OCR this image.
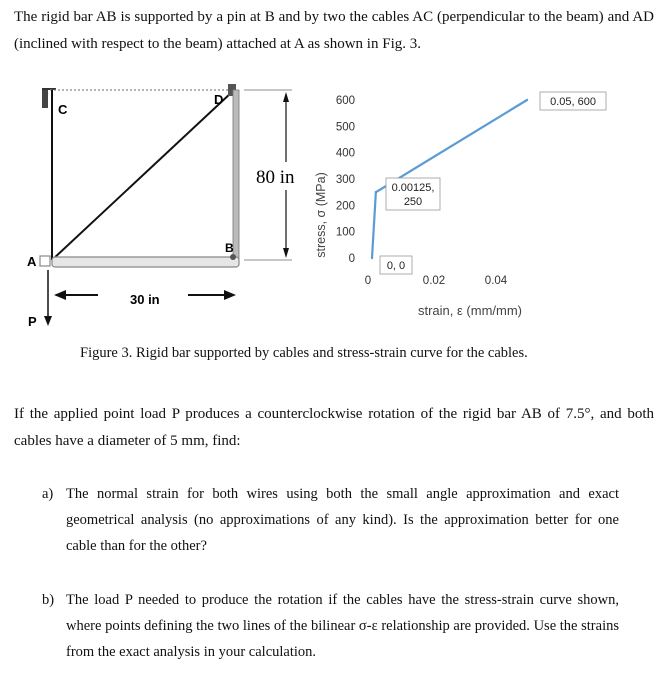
The rigid bar AB is supported by a pin at B and by two the cables AC (perpendicular to the beam) and AD (inclined with respect to the beam) attached at A as shown in Fig. 3.
C
D
A
B
P
80 in
30 in
stress, σ (MPa)
strain, ε (mm/mm)
0
100
200
300
400
500
600
0	0.02	0.04
0, 0
0.00125,
250
0.05, 600
Figure 3. Rigid bar supported by cables and stress-strain curve for the cables.
If the applied point load P produces a counterclockwise rotation of the rigid bar AB of 7.5°, and both cables have a diameter of 5 mm, find:
a) The normal strain for both wires using both the small angle approximation and exact geometrical analysis (no approximations of any kind). Is the approximation better for one cable than for the other?
b) The load P needed to produce the rotation if the cables have the stress-strain curve shown, where points defining the two lines of the bilinear σ-ε relationship are provided. Use the strains from the exact analysis in your calculation.
